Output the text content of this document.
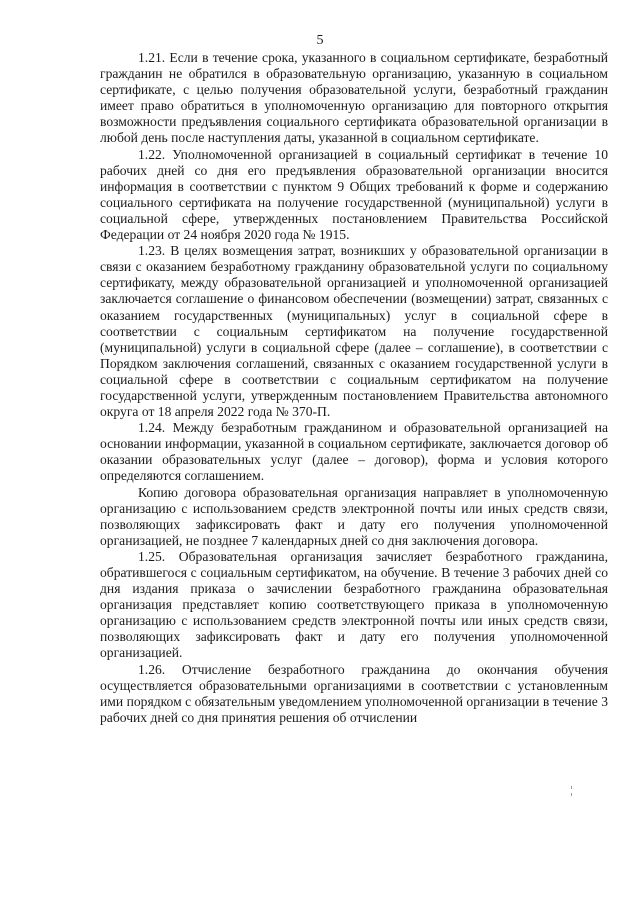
5

1.21. Если в течение срока, указанного в социальном сертификате, безработный гражданин не обратился в образовательную организацию, указанную в социальном сертификате, с целью получения образовательной услуги, безработный гражданин имеет право обратиться в уполномоченную организацию для повторного открытия возможности предъявления социального сертификата образовательной организации в любой день после наступления даты, указанной в социальном сертификате.

1.22. Уполномоченной организацией в социальный сертификат в течение 10 рабочих дней со дня его предъявления образовательной организации вносится информация в соответствии с пунктом 9 Общих требований к форме и содержанию социального сертификата на получение государственной (муниципальной) услуги в социальной сфере, утвержденных постановлением Правительства Российской Федерации от 24 ноября 2020 года № 1915.

1.23. В целях возмещения затрат, возникших у образовательной организации в связи с оказанием безработному гражданину образовательной услуги по социальному сертификату, между образовательной организацией и уполномоченной организацией заключается соглашение о финансовом обеспечении (возмещении) затрат, связанных с оказанием государственных (муниципальных) услуг в социальной сфере в соответствии с социальным сертификатом на получение государственной (муниципальной) услуги в социальной сфере (далее – соглашение), в соответствии с Порядком заключения соглашений, связанных с оказанием государственной услуги в социальной сфере в соответствии с социальным сертификатом на получение государственной услуги, утвержденным постановлением Правительства автономного округа от 18 апреля 2022 года № 370-П.

1.24. Между безработным гражданином и образовательной организацией на основании информации, указанной в социальном сертификате, заключается договор об оказании образовательных услуг (далее – договор), форма и условия которого определяются соглашением.

Копию договора образовательная организация направляет в уполномоченную организацию с использованием средств электронной почты или иных средств связи, позволяющих зафиксировать факт и дату его получения уполномоченной организацией, не позднее 7 календарных дней со дня заключения договора.

1.25. Образовательная организация зачисляет безработного гражданина, обратившегося с социальным сертификатом, на обучение. В течение 3 рабочих дней со дня издания приказа о зачислении безработного гражданина образовательная организация представляет копию соответствующего приказа в уполномоченную организацию с использованием средств электронной почты или иных средств связи, позволяющих зафиксировать факт и дату его получения уполномоченной организацией.

1.26. Отчисление безработного гражданина до окончания обучения осуществляется образовательными организациями в соответствии с установленным ими порядком с обязательным уведомлением уполномоченной организации в течение 3 рабочих дней со дня принятия решения об отчислении
